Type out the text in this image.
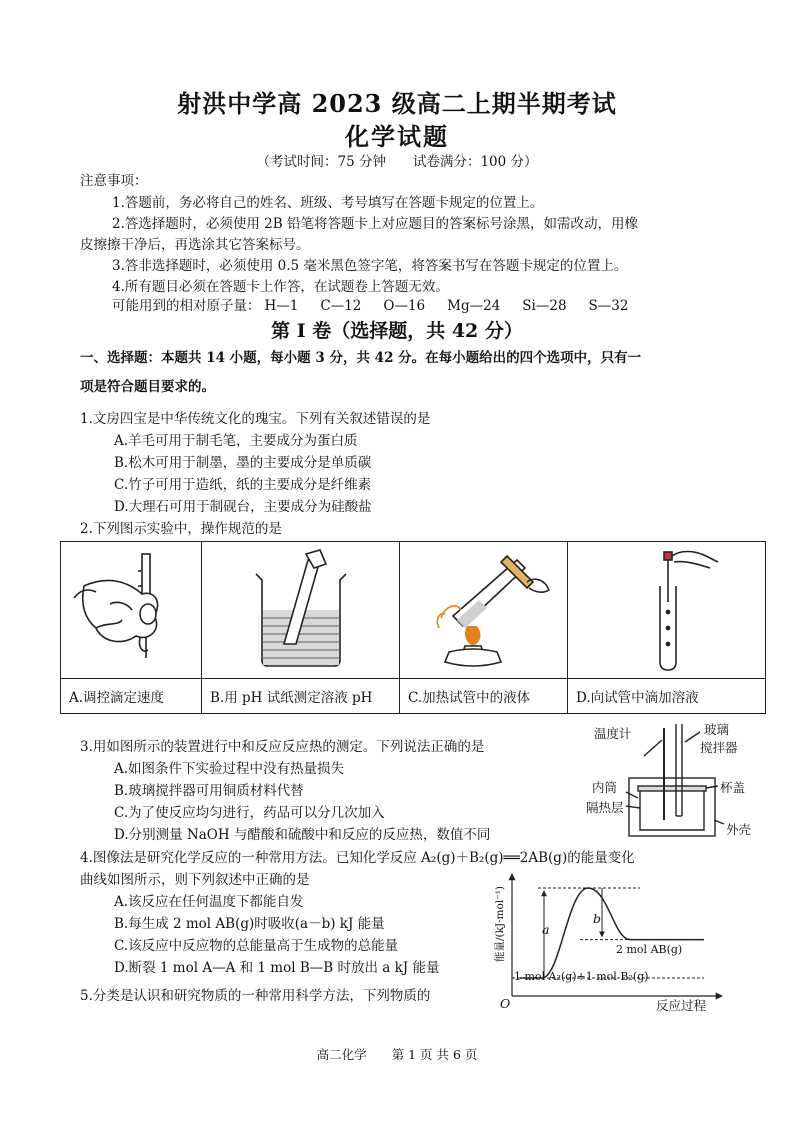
射洪中学高 2023 级高二上期半期考试
化学试题
（考试时间：75 分钟　　试卷满分：100 分）
注意事项：
1.答题前，务必将自己的姓名、班级、考号填写在答题卡规定的位置上。
2.答选择题时，必须使用 2B 铅笔将答题卡上对应题目的答案标号涂黑，如需改动，用橡
皮擦擦干净后，再选涂其它答案标号。
3.答非选择题时，必须使用 0.5 毫米黑色签字笔，将答案书写在答题卡规定的位置上。
4.所有题目必须在答题卡上作答，在试题卷上答题无效。
可能用到的相对原子量： H—1 C—12 O—16 Mg—24 Si—28 S—32
第 I 卷（选择题，共 42 分）
一、选择题：本题共 14 小题，每小题 3 分，共 42 分。在每小题给出的四个选项中，只有一
项是符合题目要求的。
1.文房四宝是中华传统文化的瑰宝。下列有关叙述错误的是
A.羊毛可用于制毛笔，主要成分为蛋白质
B.松木可用于制墨，墨的主要成分是单质碳
C.竹子可用于造纸，纸的主要成分是纤维素
D.大理石可用于制砚台，主要成分为硅酸盐
2.下列图示实验中，操作规范的是

A.调控滴定速度	B.用 pH 试纸测定溶液 pH	C.加热试管中的液体	D.向试管中滴加溶液
3.用如图所示的装置进行中和反应反应热的测定。下列说法正确的是
A.如图条件下实验过程中没有热量损失
B.玻璃搅拌器可用铜质材料代替
C.为了使反应均匀进行，药品可以分几次加入
D.分别测量 NaOH 与醋酸和硫酸中和反应的反应热，数值不同
温度计	玻璃
搅拌器
内筒
隔热层
杯盖
外壳
4.图像法是研究化学反应的一种常用方法。已知化学反应 A₂(g)＋B₂(g)══2AB(g)的能量变化
曲线如图所示，则下列叙述中正确的是
A.该反应在任何温度下都能自发
B.每生成 2 mol AB(g)时吸收(a－b) kJ 能量
C.该反应中反应物的总能量高于生成物的总能量
D.断裂 1 mol A—A 和 1 mol B—B 时放出 a kJ 能量
能量/(kJ·mol⁻¹)
O	反应过程
1 mol A₂(g)+1 mol B₂(g)
2 mol AB(g)
a
b
5.分类是认识和研究物质的一种常用科学方法，下列物质的
高二化学　　第 1 页 共 6 页
